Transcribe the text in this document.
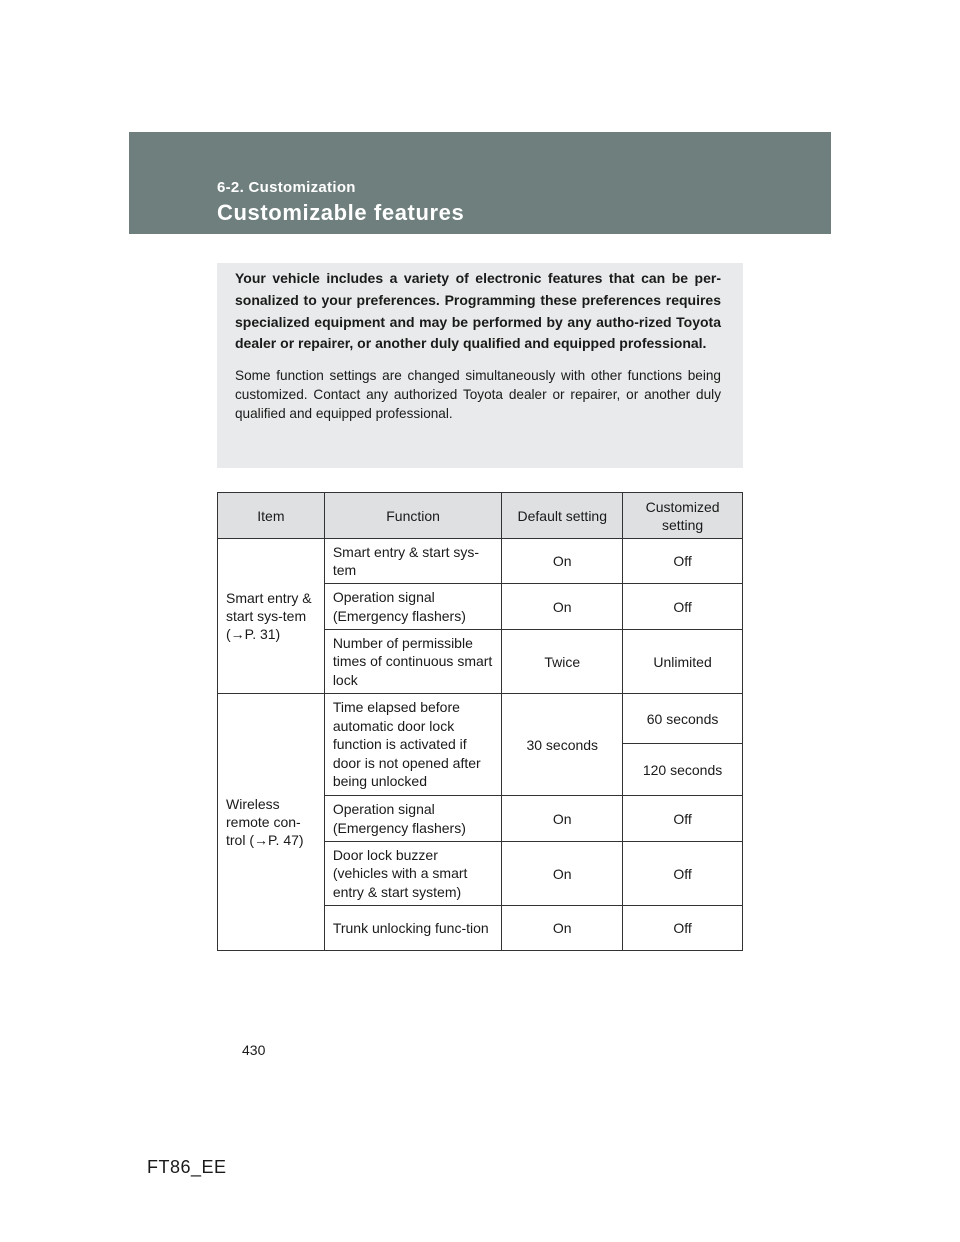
6-2. Customization
Customizable features

Your vehicle includes a variety of electronic features that can be per-sonalized to your preferences. Programming these preferences requires specialized equipment and may be performed by any autho-rized Toyota dealer or repairer, or another duly qualified and equipped professional.

Some function settings are changed simultaneously with other functions being customized. Contact any authorized Toyota dealer or repairer, or another duly qualified and equipped professional.

Item	Function	Default setting	Customized setting
Smart entry & start sys-tem (→P. 31)	Smart entry & start sys-tem	On	Off
	Operation signal (Emergency flashers)	On	Off
	Number of permissible times of continuous smart lock	Twice	Unlimited
Wireless remote con-trol (→P. 47)	Time elapsed before automatic door lock function is activated if door is not opened after being unlocked	30 seconds	60 seconds
			120 seconds
	Operation signal (Emergency flashers)	On	Off
	Door lock buzzer (vehicles with a smart entry & start system)	On	Off
	Trunk unlocking func-tion	On	Off
430
FT86_EE
